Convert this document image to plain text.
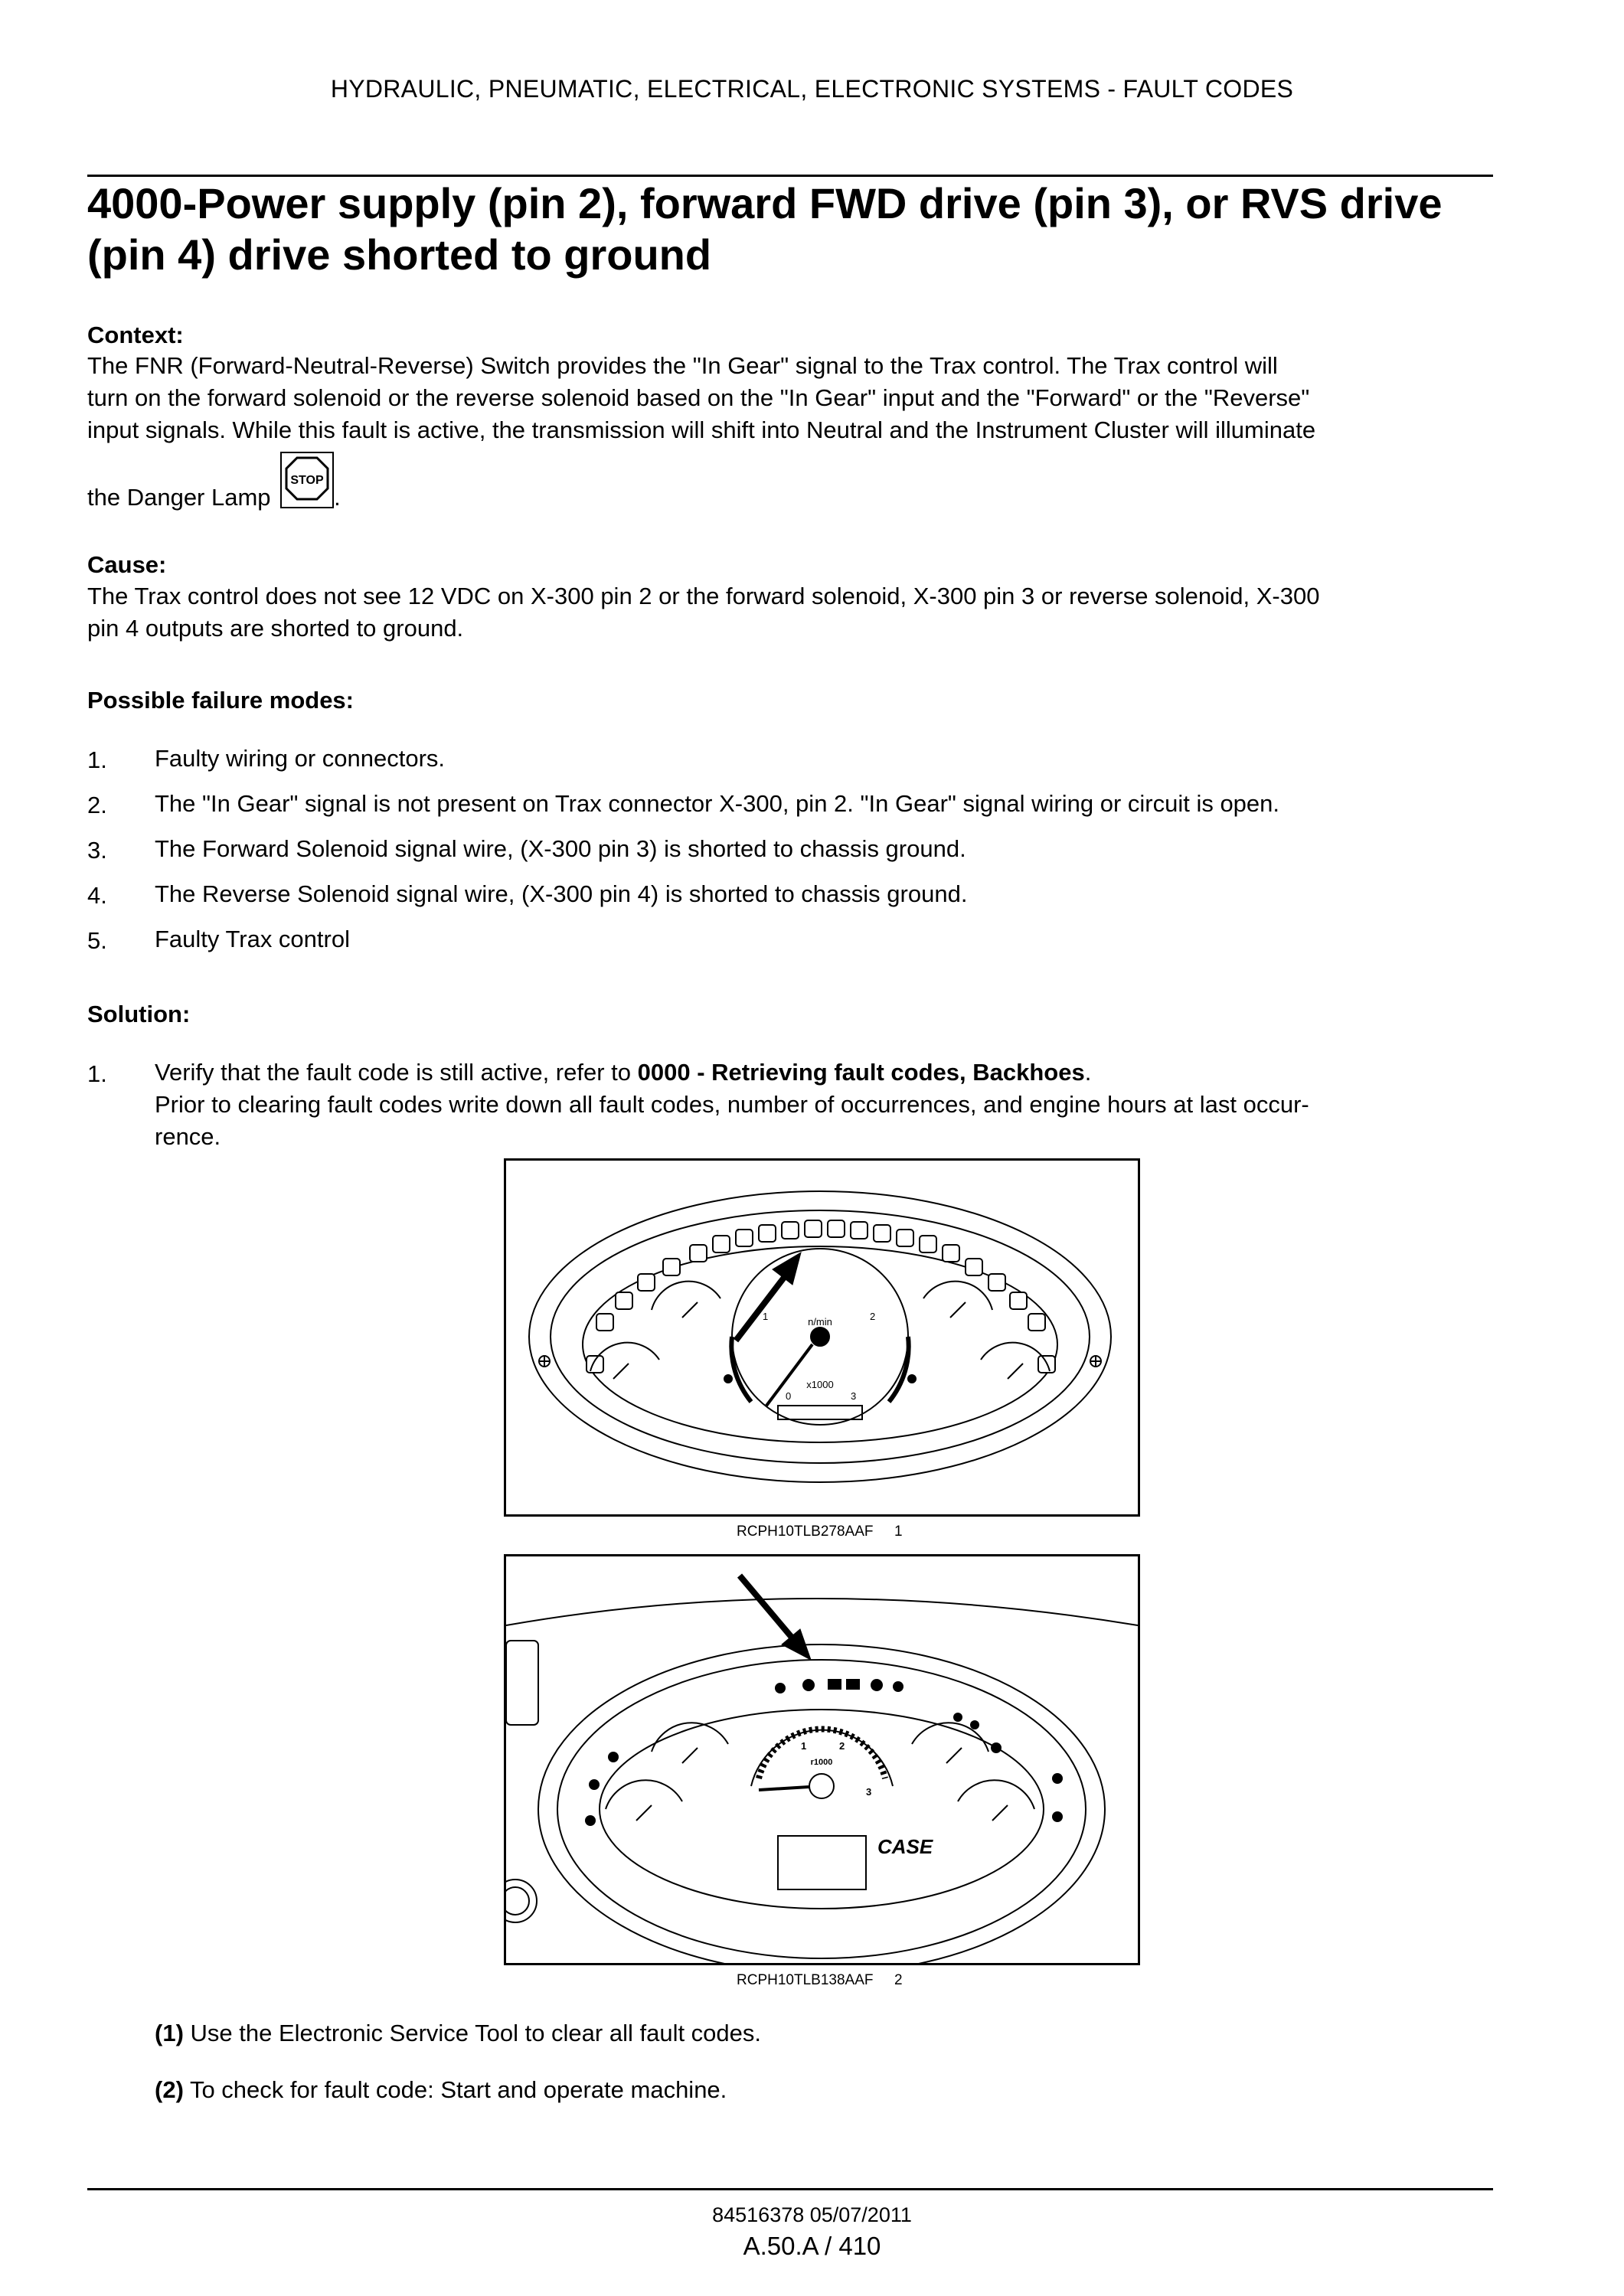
HYDRAULIC, PNEUMATIC, ELECTRICAL, ELECTRONIC SYSTEMS - FAULT CODES
4000-Power supply (pin 2), forward FWD drive (pin 3), or RVS drive
(pin 4) drive shorted to ground
Context:
The FNR (Forward-Neutral-Reverse) Switch provides the "In Gear" signal to the Trax control. The Trax control will
turn on the forward solenoid or the reverse solenoid based on the "In Gear" input and the "Forward" or the "Reverse"
input signals. While this fault is active, the transmission will shift into Neutral and the Instrument Cluster will illuminate
the Danger Lamp
STOP
.
Cause:
The Trax control does not see 12 VDC on X-300 pin 2 or the forward solenoid, X-300 pin 3 or reverse solenoid, X-300
pin 4 outputs are shorted to ground.
Possible failure modes:
1. Faulty wiring or connectors.
2. The "In Gear" signal is not present on Trax connector X-300, pin 2. "In Gear" signal wiring or circuit is open.
3. The Forward Solenoid signal wire, (X-300 pin 3) is shorted to chassis ground.
4. The Reverse Solenoid signal wire, (X-300 pin 4) is shorted to chassis ground.
5. Faulty Trax control
Solution:
1. Verify that the fault code is still active, refer to 0000 - Retrieving fault codes, Backhoes.
Prior to clearing fault codes write down all fault codes, number of occurrences, and engine hours at last occur-
rence.
n/min
x1000
0
1	2
3
RCPH10TLB278AAF 1
r1000
1	2
3
CASE
RCPH10TLB138AAF 2
(1) Use the Electronic Service Tool to clear all fault codes.
(2) To check for fault code: Start and operate machine.
84516378 05/07/2011
A.50.A / 410
